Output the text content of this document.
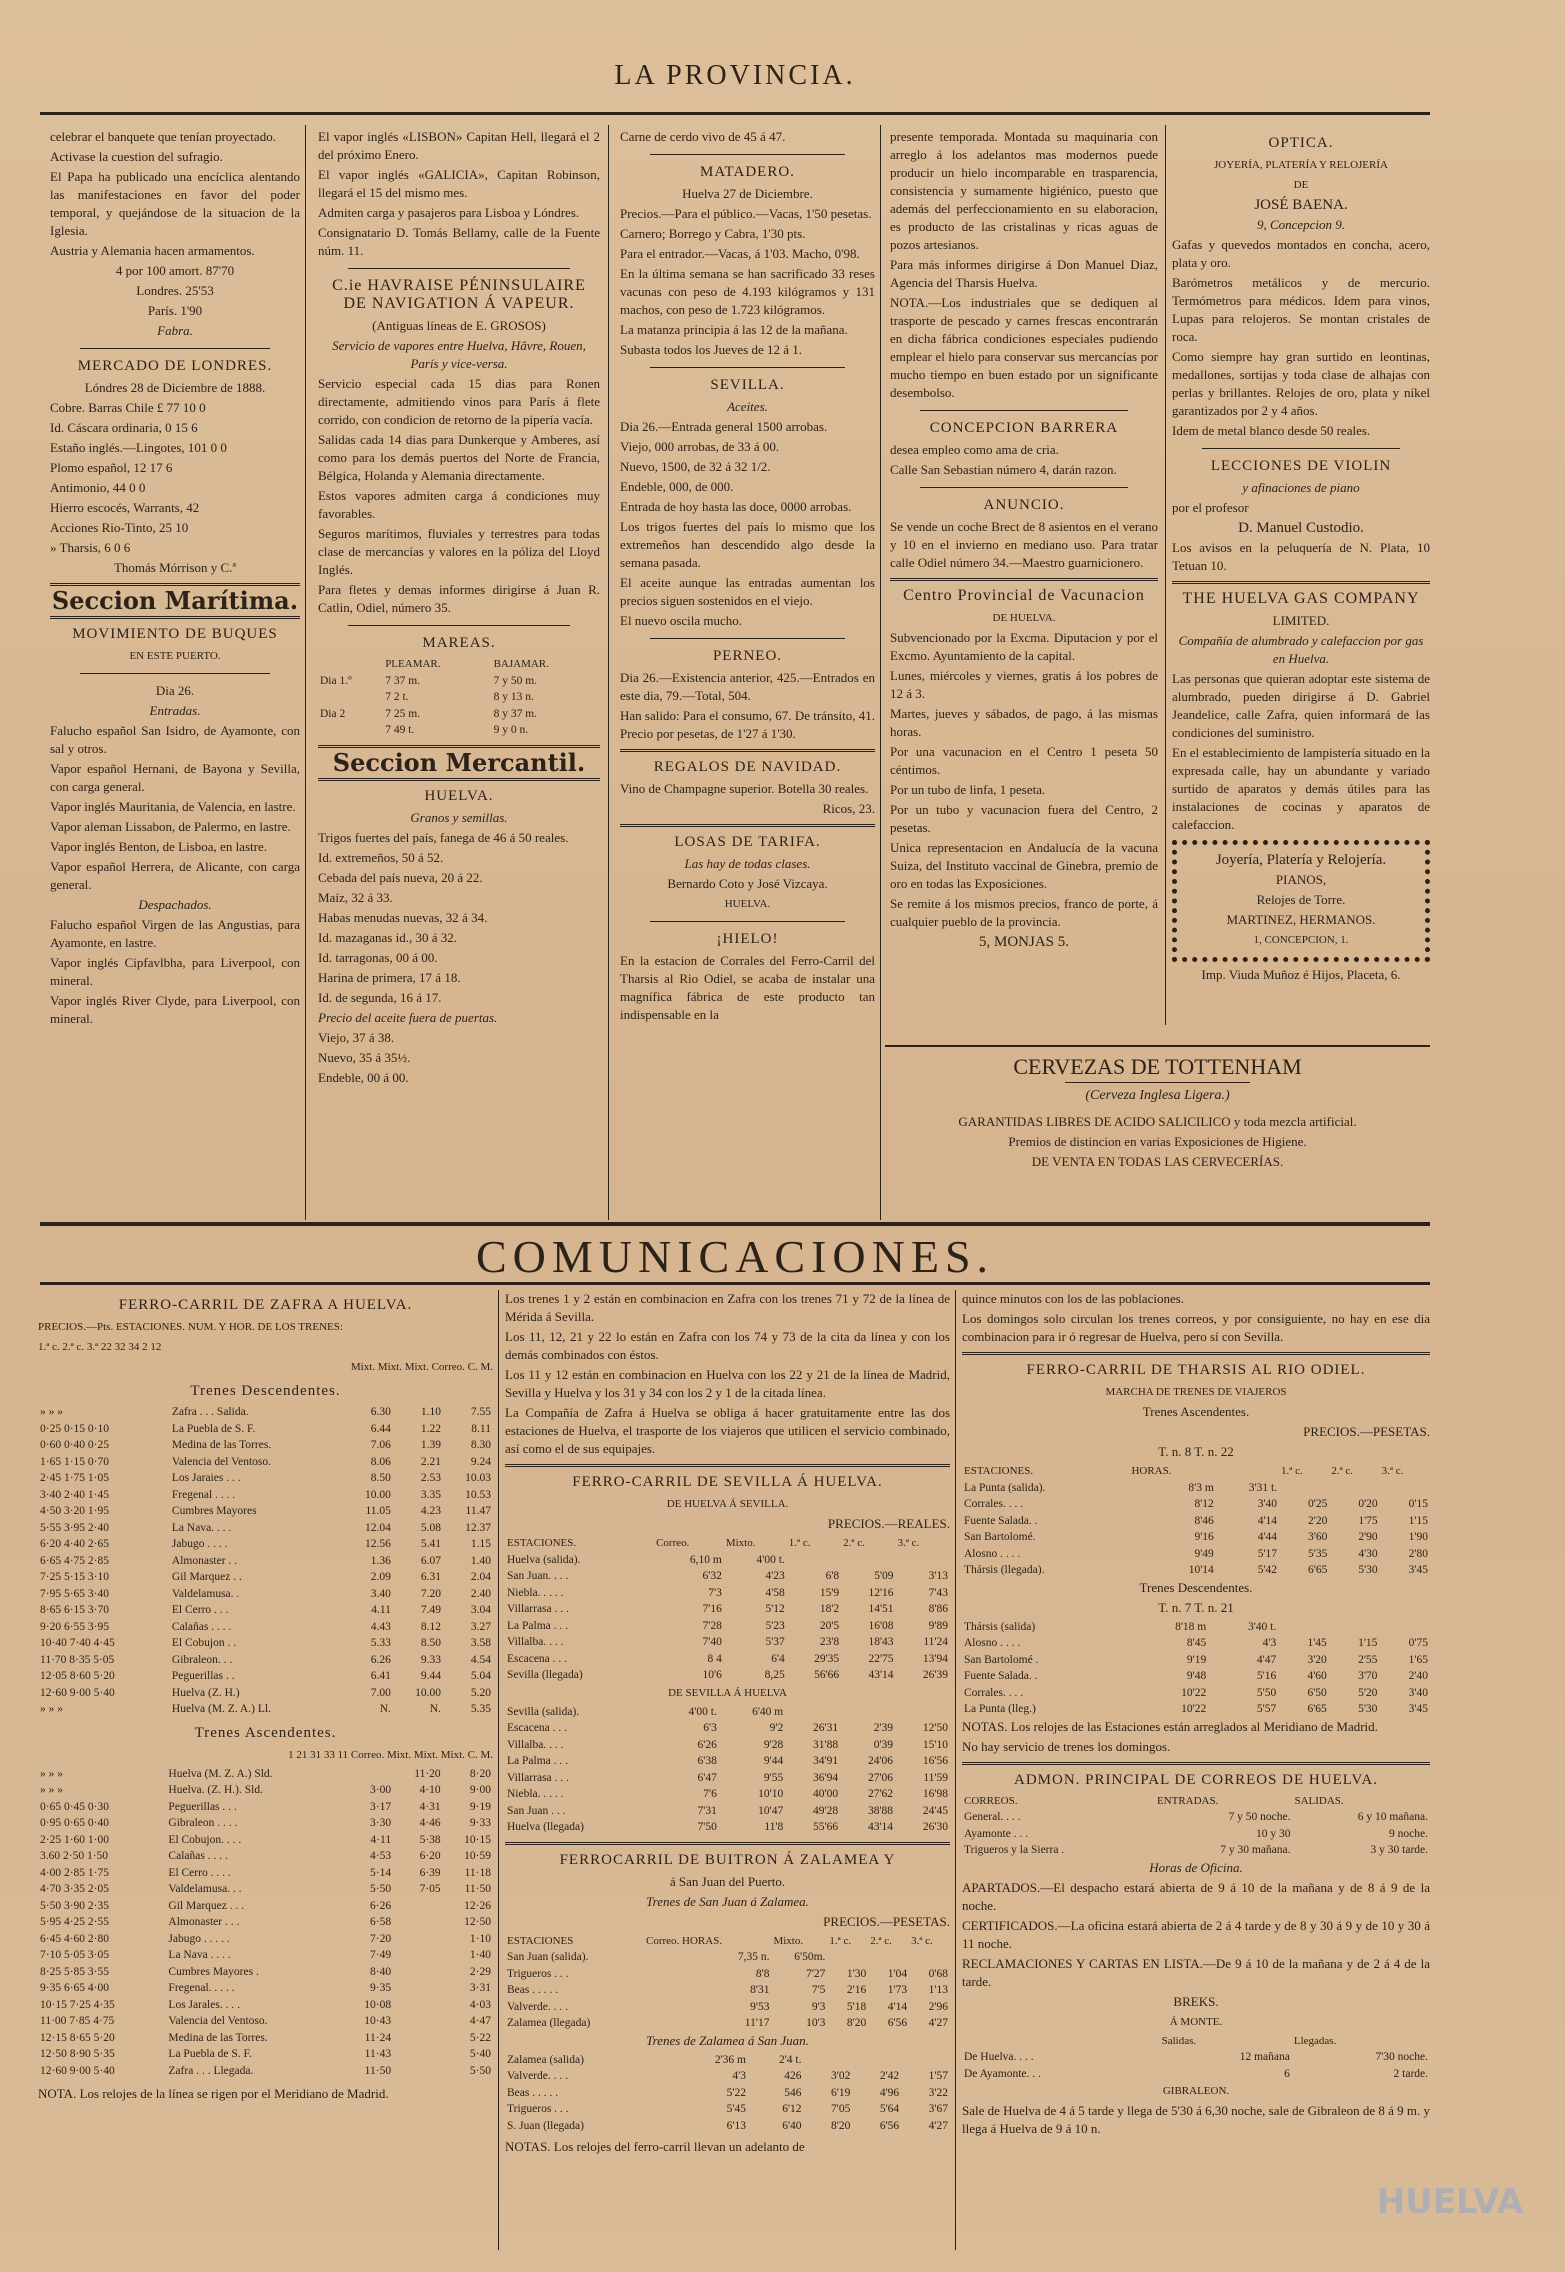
LA PROVINCIA.

celebrar el banquete que tenían proyectado.

Activase la cuestion del sufragio.

El Papa ha publicado una encíclica alentando las manifestaciones en favor del poder temporal, y quejándose de la situacion de la Iglesia.

Austria y Alemania hacen armamentos.

4 por 100 amort. 87'70

Londres. 25'53

París. 1'90

Fabra.

MERCADO DE LONDRES.

Lóndres 28 de Diciembre de 1888.

Cobre. Barras Chile £ 77 10 0

Id. Cáscara ordinaria, 0 15 6

Estaño inglés.—Lingotes, 101 0 0

Plomo español, 12 17 6

Antimonio, 44 0 0

Hierro escocés, Warrants, 42

Acciones Rio-Tinto, 25 10

» Tharsis, 6 0 6

Thomás Mórrison y C.ª

Seccion Marítima.
MOVIMIENTO DE BUQUES

EN ESTE PUERTO.

Dia 26.

Entradas.

Falucho español San Isidro, de Ayamonte, con sal y otros.

Vapor español Hernani, de Bayona y Sevilla, con carga general.

Vapor inglés Mauritania, de Valencia, en lastre.

Vapor aleman Lissabon, de Palermo, en lastre.

Vapor inglés Benton, de Lisboa, en lastre.

Vapor español Herrera, de Alicante, con carga general.

Despachados.

Falucho español Virgen de las Angustias, para Ayamonte, en lastre.

Vapor inglés Cipfavlbha, para Liverpool, con mineral.

Vapor inglés River Clyde, para Liverpool, con mineral.

El vapor inglés «LISBON» Capitan Hell, llegará el 2 del próximo Enero.

El vapor inglés «GALICIA», Capitan Robinson, llegará el 15 del mismo mes.

Admiten carga y pasajeros para Lisboa y Lóndres.

Consignatario D. Tomás Bellamy, calle de la Fuente núm. 11.

C.ie HAVRAISE PÉNINSULAIRE DE NAVIGATION Á VAPEUR.

(Antiguas líneas de E. GROSOS)

Servicio de vapores entre Huelva, Hâvre, Rouen, París y vice-versa.

Servicio especial cada 15 dias para Ronen directamente, admitiendo vinos para París á flete corrido, con condicion de retorno de la pipería vacía.

Salidas cada 14 dias para Dunkerque y Amberes, así como para los demás puertos del Norte de Francia, Bélgica, Holanda y Alemania directamente.

Estos vapores admiten carga á condiciones muy favorables.

Seguros marítimos, fluviales y terrestres para todas clase de mercancías y valores en la póliza del Lloyd Inglés.

Para fletes y demas informes dirigirse á Juan R. Catlin, Odiel, número 35.

MAREAS.
	PLEAMAR.	BAJAMAR.
Dia 1.º	7 37 m.	7 y 50 m.
	7 2 t.	8 y 13 n.
Dia 2	7 25 m.	8 y 37 m.
	7 49 t.	9 y 0 n.
Seccion Mercantil.
HUELVA.

Granos y semillas.

Trigos fuertes del país, fanega de 46 á 50 reales.

Id. extremeños, 50 á 52.

Cebada del país nueva, 20 á 22.

Maíz, 32 á 33.

Habas menudas nuevas, 32 á 34.

Id. mazaganas id., 30 á 32.

Id. tarragonas, 00 á 00.

Harina de primera, 17 á 18.

Id. de segunda, 16 á 17.

Precio del aceite fuera de puertas.

Viejo, 37 á 38.

Nuevo, 35 á 35½.

Endeble, 00 á 00.

Carne de cerdo vivo de 45 á 47.

MATADERO.

Huelva 27 de Diciembre.

Precios.—Para el público.—Vacas, 1'50 pesetas.

Carnero; Borrego y Cabra, 1'30 pts.

Para el entrador.—Vacas, á 1'03. Macho, 0'98.

En la última semana se han sacrificado 33 reses vacunas con peso de 4.193 kilógramos y 131 machos, con peso de 1.723 kilógramos.

La matanza principia á las 12 de la mañana.

Subasta todos los Jueves de 12 á 1.

SEVILLA.

Aceites.

Dia 26.—Entrada general 1500 arrobas.

Viejo, 000 arrobas, de 33 á 00.

Nuevo, 1500, de 32 á 32 1/2.

Endeble, 000, de 000.

Entrada de hoy hasta las doce, 0000 arrobas.

Los trigos fuertes del país lo mismo que los extremeños han descendido algo desde la semana pasada.

El aceite aunque las entradas aumentan los precios siguen sostenidos en el viejo.

El nuevo oscila mucho.

PERNEO.

Dia 26.—Existencia anterior, 425.—Entrados en este dia, 79.—Total, 504.

Han salido: Para el consumo, 67. De tránsito, 41. Precio por pesetas, de 1'27 á 1'30.

REGALOS DE NAVIDAD.

Vino de Champagne superior. Botella 30 reales.

Ricos, 23.

LOSAS DE TARIFA.

Las hay de todas clases.

Bernardo Coto y José Vizcaya.

HUELVA.

¡HIELO!

En la estacion de Corrales del Ferro-Carril del Tharsis al Rio Odiel, se acaba de instalar una magnífica fábrica de este producto tan indispensable en la

presente temporada. Montada su maquinaria con arreglo á los adelantos mas modernos puede producir un hielo incomparable en trasparencia, consistencia y sumamente higiénico, puesto que además del perfeccionamiento en su elaboracion, es producto de las cristalinas y ricas aguas de pozos artesianos.

Para más informes dirigirse á Don Manuel Diaz, Agencia del Tharsis Huelva.

NOTA.—Los industriales que se dediquen al trasporte de pescado y carnes frescas encontrarán en dicha fábrica condiciones especiales pudiendo emplear el hielo para conservar sus mercancías por mucho tiempo en buen estado por un significante desembolso.

CONCEPCION BARRERA

desea empleo como ama de cria.

Calle San Sebastian número 4, darán razon.

ANUNCIO.

Se vende un coche Brect de 8 asientos en el verano y 10 en el invierno en mediano uso. Para tratar calle Odiel número 34.—Maestro guarnicionero.

Centro Provincial de Vacunacion

DE HUELVA.

Subvencionado por la Excma. Diputacion y por el Excmo. Ayuntamiento de la capital.

Lunes, miércoles y viernes, gratis á los pobres de 12 á 3.

Martes, jueves y sábados, de pago, á las mismas horas.

Por una vacunacion en el Centro 1 peseta 50 céntimos.

Por un tubo de linfa, 1 peseta.

Por un tubo y vacunacion fuera del Centro, 2 pesetas.

Unica representacion en Andalucía de la vacuna Suiza, del Instituto vaccinal de Ginebra, premio de oro en todas las Exposiciones.

Se remite á los mismos precios, franco de porte, á cualquier pueblo de la provincia.

5, MONJAS 5.

OPTICA.

JOYERÍA, PLATERÍA Y RELOJERÍA

DE

JOSÉ BAENA.

9, Concepcion 9.

Gafas y quevedos montados en concha, acero, plata y oro.

Barómetros metálicos y de mercurio. Termómetros para médicos. Idem para vinos, Lupas para relojeros. Se montan cristales de roca.

Como siempre hay gran surtido en leontinas, medallones, sortijas y toda clase de alhajas con perlas y brillantes. Relojes de oro, plata y níkel garantizados por 2 y 4 años.

Idem de metal blanco desde 50 reales.

LECCIONES DE VIOLIN

y afinaciones de piano

por el profesor

D. Manuel Custodio.

Los avisos en la peluquería de N. Plata, 10 Tetuan 10.

THE HUELVA GAS COMPANY

LIMITED.

Compañía de alumbrado y calefaccion por gas en Huelva.

Las personas que quieran adoptar este sistema de alumbrado, pueden dirigirse á D. Gabriel Jeandelice, calle Zafra, quien informará de las condiciones del suministro.

En el establecimiento de lampistería situado en la expresada calle, hay un abundante y variado surtido de aparatos y demás útiles para las instalaciones de cocinas y aparatos de calefaccion.

Joyería, Platería y Relojería.

PIANOS,

Relojes de Torre.

MARTINEZ, HERMANOS.

1, CONCEPCION, 1.

Imp. Viuda Muñoz é Hijos, Placeta, 6.

CERVEZAS DE TOTTENHAM

(Cerveza Inglesa Ligera.)

GARANTIDAS LIBRES DE ACIDO SALICILICO y toda mezcla artificial.

Premios de distincion en varias Exposiciones de Higiene.

DE VENTA EN TODAS LAS CERVECERÍAS.

COMUNICACIONES.
FERRO-CARRIL DE ZAFRA A HUELVA.

PRECIOS.—Pts. ESTACIONES. NUM. Y HOR. DE LOS TRENES:

1.ª c. 2.ª c. 3.ª 22 32 34 2 12

Mixt. Mixt. Mixt. Correo. C. M.

Trenes Descendentes.
» » »	Zafra . . . Salida.	6.30	1.10	7.55
0·25 0·15 0·10	La Puebla de S. F.	6.44	1.22	8.11
0·60 0·40 0·25	Medina de las Torres.	7.06	1.39	8.30
1·65 1·15 0·70	Valencia del Ventoso.	8.06	2.21	9.24
2·45 1·75 1·05	Los Jaraies . . .	8.50	2.53	10.03
3·40 2·40 1·45	Fregenal . . . .	10.00	3.35	10.53
4·50 3·20 1·95	Cumbres Mayores	11.05	4.23	11.47
5·55 3·95 2·40	La Nava. . . .	12.04	5.08	12.37
6·20 4·40 2·65	Jabugo . . . .	12.56	5.41	1.15
6·65 4·75 2·85	Almonaster . .	1.36	6.07	1.40
7·25 5·15 3·10	Gil Marquez . .	2.09	6.31	2.04
7·95 5·65 3·40	Valdelamusa. .	3.40	7.20	2.40
8·65 6·15 3·70	El Cerro . . .	4.11	7.49	3.04
9·20 6·55 3·95	Calañas . . . .	4.43	8.12	3.27
10·40 7·40 4·45	El Cobujon . .	5.33	8.50	3.58
11·70 8·35 5·05	Gibraleon. . .	6.26	9.33	4.54
12·05 8·60 5·20	Peguerillas . .	6.41	9.44	5.04
12·60 9·00 5·40	Huelva (Z. H.)	7.00	10.00	5.20
» » »	Huelva (M. Z. A.) Ll.	N.	N.	5.35
Trenes Ascendentes.

1 21 31 33 11 Correo. Mixt. Mixt. Mixt. C. M.

» » »	Huelva (M. Z. A.) Sld.		11·20	8·20
» » »	Huelva. (Z. H.). Sld.	3·00	4·10	9·00
0·65 0·45 0·30	Peguerillas . . .	3·17	4·31	9·19
0·95 0·65 0·40	Gibraleon . . . .	3·30	4·46	9·33
2·25 1·60 1·00	El Cobujon. . . .	4·11	5·38	10·15
3.60 2·50 1·50	Calañas . . . .	4·53	6·20	10·59
4·00 2·85 1·75	El Cerro . . . .	5·14	6·39	11·18
4·70 3·35 2·05	Valdelamusa. . .	5·50	7·05	11·50
5·50 3·90 2·35	Gil Marquez . . .	6·26		12·26
5·95 4·25 2·55	Almonaster . . .	6·58		12·50
6·45 4·60 2·80	Jabugo . . . . .	7·20		1·10
7·10 5·05 3·05	La Nava . . . .	7·49		1·40
8·25 5·85 3·55	Cumbres Mayores .	8·40		2·29
9·35 6·65 4·00	Fregenal. . . . .	9·35		3·31
10·15 7·25 4·35	Los Jarales. . . .	10·08		4·03
11·00 7·85 4·75	Valencia del Ventoso.	10·43		4·47
12·15 8·65 5·20	Medina de las Torres.	11·24		5·22
12·50 8·90 5·35	La Puebla de S. F.	11·43		5·40
12·60 9·00 5·40	Zafra . . . Llegada.	11·50		5·50

NOTA. Los relojes de la línea se rigen por el Meridiano de Madrid.

Los trenes 1 y 2 están en combinacion en Zafra con los trenes 71 y 72 de la línea de Mérida á Sevilla.

Los 11, 12, 21 y 22 lo están en Zafra con los 74 y 73 de la cita da línea y con los demás combinados con éstos.

Los 11 y 12 están en combinacion en Huelva con los 22 y 21 de la línea de Madrid, Sevilla y Huelva y los 31 y 34 con los 2 y 1 de la citada línea.

La Compañía de Zafra á Huelva se obliga á hacer gratuitamente entre las dos estaciones de Huelva, el trasporte de los viajeros que utilicen el servicio combinado, así como el de sus equipajes.

FERRO-CARRIL DE SEVILLA Á HUELVA.

DE HUELVA Á SEVILLA.

PRECIOS.—REALES.

ESTACIONES.	Correo.	Mixto.	1.ª c.	2.ª c.	3.ª c.
Huelva (salida).	6,10 m	4'00 t.			
San Juan. . . .	6'32	4'23	6'8	5'09	3'13
Niebla. . . . .	7'3	4'58	15'9	12'16	7'43
Villarrasa . . .	7'16	5'12	18'2	14'51	8'86
La Palma . . .	7'28	5'23	20'5	16'08	9'89
Villalba. . . .	7'40	5'37	23'8	18'43	11'24
Escacena . . .	8 4	6'4	29'35	22'75	13'94
Sevilla (llegada)	10'6	8,25	56'66	43'14	26'39

DE SEVILLA Á HUELVA

Sevilla (salida).	4'00 t.	6'40 m			
Escacena . . .	6'3	9'2	26'31	2'39	12'50
Villalba. . . .	6'26	9'28	31'88	0'39	15'10
La Palma . . .	6'38	9'44	34'91	24'06	16'56
Villarrasa . . .	6'47	9'55	36'94	27'06	11'59
Niebla. . . . .	7'6	10'10	40'00	27'62	16'98
San Juan . . .	7'31	10'47	49'28	38'88	24'45
Huelva (llegada)	7'50	11'8	55'66	43'14	26'30
FERROCARRIL DE BUITRON Á ZALAMEA Y

á San Juan del Puerto.

Trenes de San Juan á Zalamea.

PRECIOS.—PESETAS.

ESTACIONES	Correo. HORAS.	Mixto.	1.ª c.	2.ª c.	3.ª c.
San Juan (salida).	7,35 n.	6'50m.			
Trigueros . . .	8'8	7'27	1'30	1'04	0'68
Beas . . . . .	8'31	7'5	2'16	1'73	1'13
Valverde. . . .	9'53	9'3	5'18	4'14	2'96
Zalamea (llegada)	11'17	10'3	8'20	6'56	4'27

Trenes de Zalamea á San Juan.

Zalamea (salida)	2'36 m	2'4 t.			
Valverde. . . .	4'3	426	3'02	2'42	1'57
Beas . . . . .	5'22	546	6'19	4'96	3'22
Trigueros . . .	5'45	6'12	7'05	5'64	3'67
S. Juan (llegada)	6'13	6'40	8'20	6'56	4'27

NOTAS. Los relojes del ferro-carril llevan un adelanto de

quince minutos con los de las poblaciones.

Los domingos solo circulan los trenes correos, y por consiguiente, no hay en ese dia combinacion para ir ó regresar de Huelva, pero sí con Sevilla.

FERRO-CARRIL DE THARSIS AL RIO ODIEL.

MARCHA DE TRENES DE VIAJEROS

Trenes Ascendentes.

PRECIOS.—PESETAS.

T. n. 8 T. n. 22

ESTACIONES.	HORAS.		1.ª c.	2.ª c.	3.ª c.
La Punta (salida).	8'3 m	3'31 t.			
Corrales. . . .	8'12	3'40	0'25	0'20	0'15
Fuente Salada. .	8'46	4'14	2'20	1'75	1'15
San Bartolomé.	9'16	4'44	3'60	2'90	1'90
Alosno . . . .	9'49	5'17	5'35	4'30	2'80
Thársis (llegada).	10'14	5'42	6'65	5'30	3'45

Trenes Descendentes.

T. n. 7 T. n. 21

Thársis (salida)	8'18 m	3'40 t.			
Alosno . . . .	8'45	4'3	1'45	1'15	0'75
San Bartolomé .	9'19	4'47	3'20	2'55	1'65
Fuente Salada. .	9'48	5'16	4'60	3'70	2'40
Corrales. . . .	10'22	5'50	6'50	5'20	3'40
La Punta (lleg.)	10'22	5'57	6'65	5'30	3'45

NOTAS. Los relojes de las Estaciones están arreglados al Meridiano de Madrid.

No hay servicio de trenes los domingos.

ADMON. PRINCIPAL DE CORREOS DE HUELVA.
CORREOS.	ENTRADAS.	SALIDAS.
General. . . .	7 y 50 noche.	6 y 10 mañana.
Ayamonte . . .	10 y 30	9 noche.
Trigueros y la Sierra .	7 y 30 mañana.	3 y 30 tarde.

Horas de Oficina.

APARTADOS.—El despacho estará abierta de 9 á 10 de la mañana y de 8 á 9 de la noche.

CERTIFICADOS.—La oficina estará abierta de 2 á 4 tarde y de 8 y 30 á 9 y de 10 y 30 á 11 noche.

RECLAMACIONES Y CARTAS EN LISTA.—De 9 á 10 de la mañana y de 2 á 4 de la tarde.

BREKS.

Á MONTE.

	Salidas.	Llegadas.
De Huelva. . . .	12 mañana	7'30 noche.
De Ayamonte. . .	6	2 tarde.

GIBRALEON.

Sale de Huelva de 4 á 5 tarde y llega de 5'30 á 6,30 noche, sale de Gibraleon de 8 á 9 m. y llega á Huelva de 9 á 10 n.

HUELVA
